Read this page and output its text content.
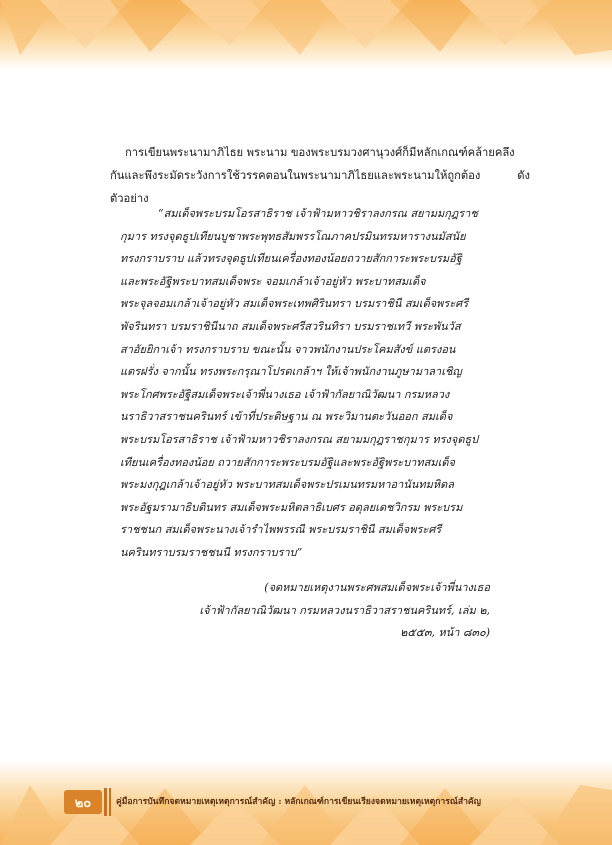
การเขียนพระนามาภิไธย พระนาม ของพระบรมวงศานุวงศ์ก็มีหลักเกณฑ์คล้ายคลึง

กันและพึงระมัดระวังการใช้วรรคตอนในพระนามาภิไธยและพระนามให้ถูกต้อง ดังตัวอย่าง

“สมเด็จพระบรมโอรสาธิราช เจ้าฟ้ามหาวชิราลงกรณ สยามมกุฎราช

กุมาร ทรงจุดธูปเทียนบูชาพระพุทธสัมพรรโณภาคปรมินทรมหารางนมัสนัย
ทรงกราบราบ แล้วทรงจุดธูปเทียนเครื่องทองน้อยถวายสักการะพระบรมอัฐิ
และพระอัฐิพระบาทสมเด็จพระ จอมเกล้าเจ้าอยู่หัว พระบาทสมเด็จ
พระจุลจอมเกล้าเจ้าอยู่หัว สมเด็จพระเทพศิรินทรา บรมราชินี สมเด็จพระศรี
พัจรินทรา บรมราชินีนาถ สมเด็จพระศรีสวรินทิรา บรมราชเทวี พระพันวัส
สาอัยยิกาเจ้า ทรงกราบราบ ขณะนั้น จาวพนักงานประโคมสังข์ แตรงอน
แตรฝรั่ง จากนั้น ทรงพระกรุณาโปรดเกล้าฯ ให้เจ้าพนักงานภูษามาลาเชิญ
พระโกศพระอัฐิสมเด็จพระเจ้าพี่นางเธอ เจ้าฟ้ากัลยาณิวัฒนา กรมหลวง
นราธิวาสราชนครินทร์ เข้าที่ประดิษฐาน ณ พระวิมานตะวันออก สมเด็จ
พระบรมโอรสาธิราช เจ้าฟ้ามหาวชิราลงกรณ สยามมกุฎราชกุมาร ทรงจุดธูป
เทียนเครื่องทองน้อย ถวายสักการะพระบรมอัฐิและพระอัฐิพระบาทสมเด็จ
พระมงกุฎเกล้าเจ้าอยู่หัว พระบาทสมเด็จพระปรเมนทรมหาอานันทมหิดล
พระอัฐมรามาธิบดินทร สมเด็จพระมหิตลาธิเบศร อดุลยเดชวิกรม พระบรม
ราชชนก สมเด็จพระนางเจ้ารำไพพรรณี พระบรมราชินี สมเด็จพระศรี
นครินทราบรมราชชนนี ทรงกราบราบ”
(จดหมายเหตุงานพระศพสมเด็จพระเจ้าพี่นางเธอ
เจ้าฟ้ากัลยาณิวัฒนา กรมหลวงนราธิวาสราชนครินทร์, เล่ม ๒,
๒๕๕๓, หน้า ๘๓๐)
๒๐	คู่มือการบันทึกจดหมายเหตุเหตุการณ์สำคัญ : หลักเกณฑ์การเขียนเรียงจดหมายเหตุเหตุการณ์สำคัญ
